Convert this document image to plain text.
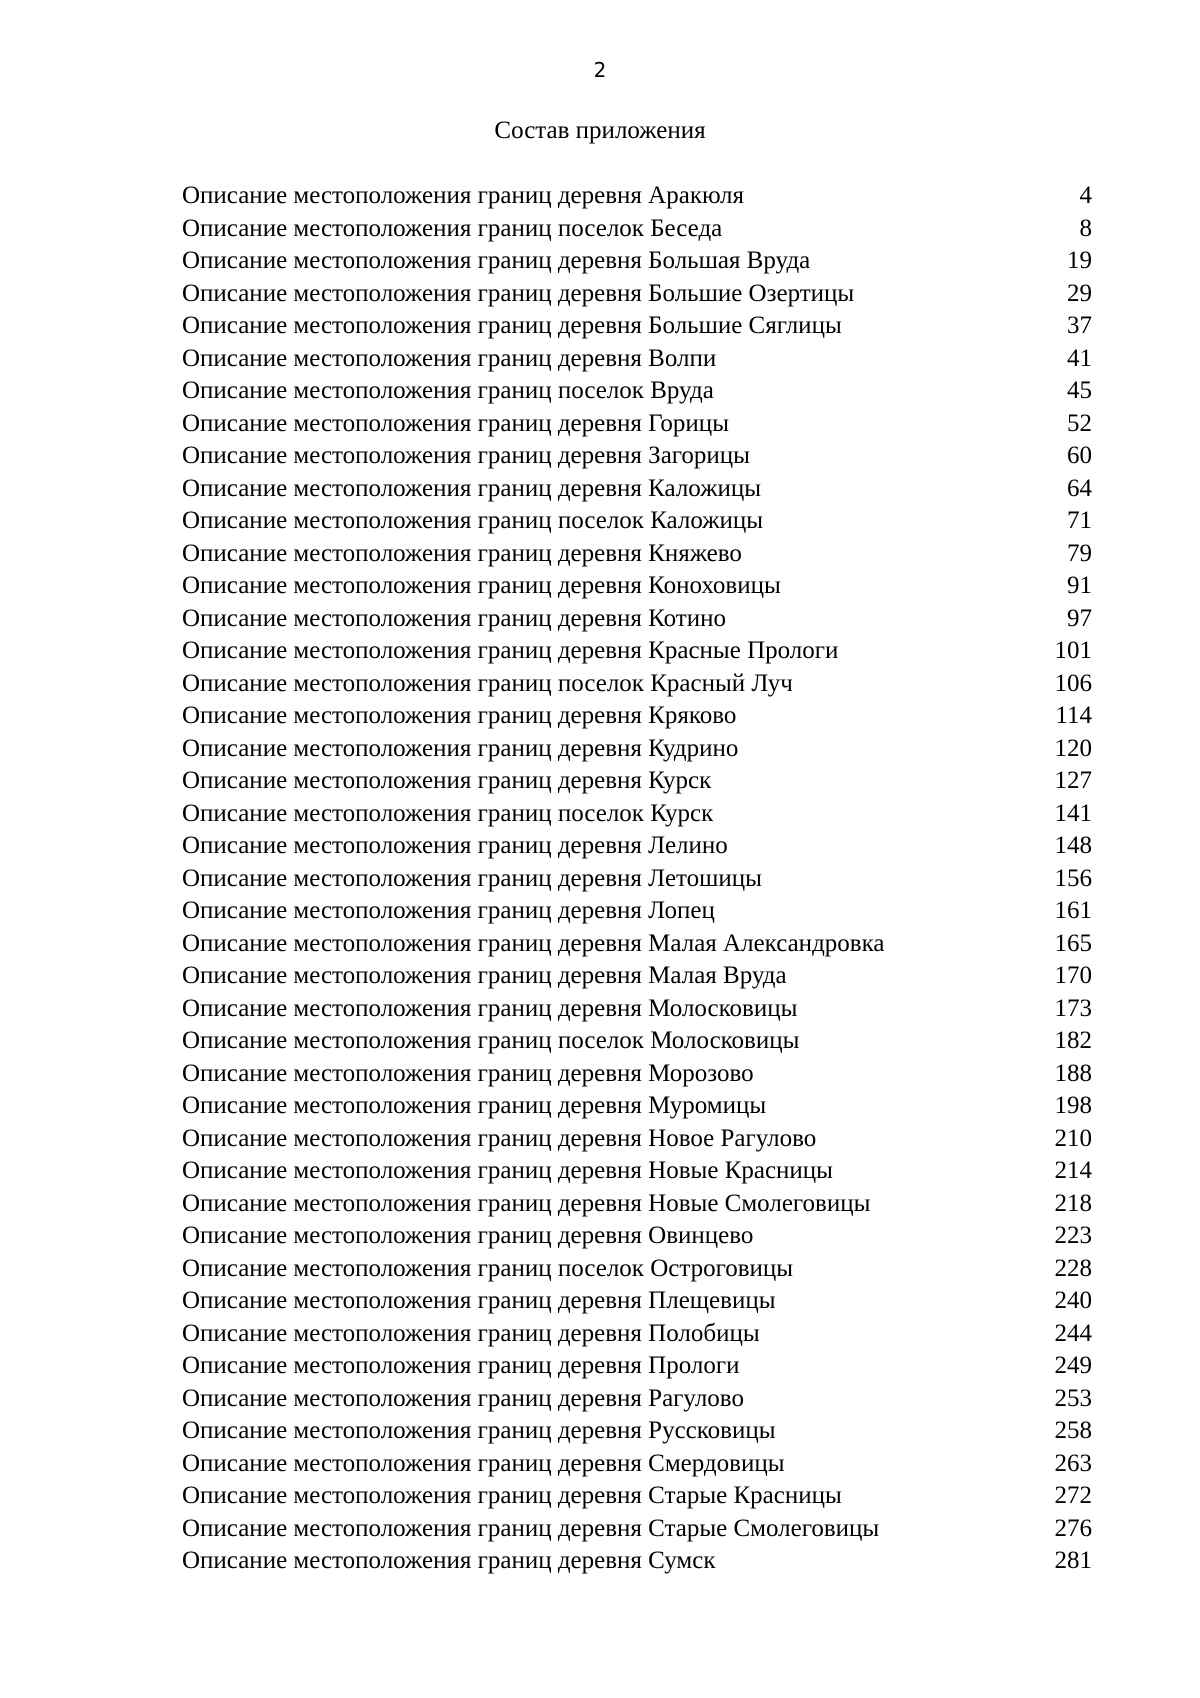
2
Состав приложения
Описание местоположения границ деревня Аракюля	4
Описание местоположения границ поселок Беседа	8
Описание местоположения границ деревня Большая Вруда	19
Описание местоположения границ деревня Большие Озертицы	29
Описание местоположения границ деревня Большие Сяглицы	37
Описание местоположения границ деревня Волпи	41
Описание местоположения границ поселок Вруда	45
Описание местоположения границ деревня Горицы	52
Описание местоположения границ деревня Загорицы	60
Описание местоположения границ деревня Каложицы	64
Описание местоположения границ поселок Каложицы	71
Описание местоположения границ деревня Княжево	79
Описание местоположения границ деревня Коноховицы	91
Описание местоположения границ деревня Котино	97
Описание местоположения границ деревня Красные Прологи	101
Описание местоположения границ поселок Красный Луч	106
Описание местоположения границ деревня Кряково	114
Описание местоположения границ деревня Кудрино	120
Описание местоположения границ деревня Курск	127
Описание местоположения границ поселок Курск	141
Описание местоположения границ деревня Лелино	148
Описание местоположения границ деревня Летошицы	156
Описание местоположения границ деревня Лопец	161
Описание местоположения границ деревня Малая Александровка	165
Описание местоположения границ деревня Малая Вруда	170
Описание местоположения границ деревня Молосковицы	173
Описание местоположения границ поселок Молосковицы	182
Описание местоположения границ деревня Морозово	188
Описание местоположения границ деревня Муромицы	198
Описание местоположения границ деревня Новое Рагулово	210
Описание местоположения границ деревня Новые Красницы	214
Описание местоположения границ деревня Новые Смолеговицы	218
Описание местоположения границ деревня Овинцево	223
Описание местоположения границ поселок Остроговицы	228
Описание местоположения границ деревня Плещевицы	240
Описание местоположения границ деревня Полобицы	244
Описание местоположения границ деревня Прологи	249
Описание местоположения границ деревня Рагулово	253
Описание местоположения границ деревня Русcковицы	258
Описание местоположения границ деревня Смердовицы	263
Описание местоположения границ деревня Старые Красницы	272
Описание местоположения границ деревня Старые Смолеговицы	276
Описание местоположения границ деревня Сумск	281
